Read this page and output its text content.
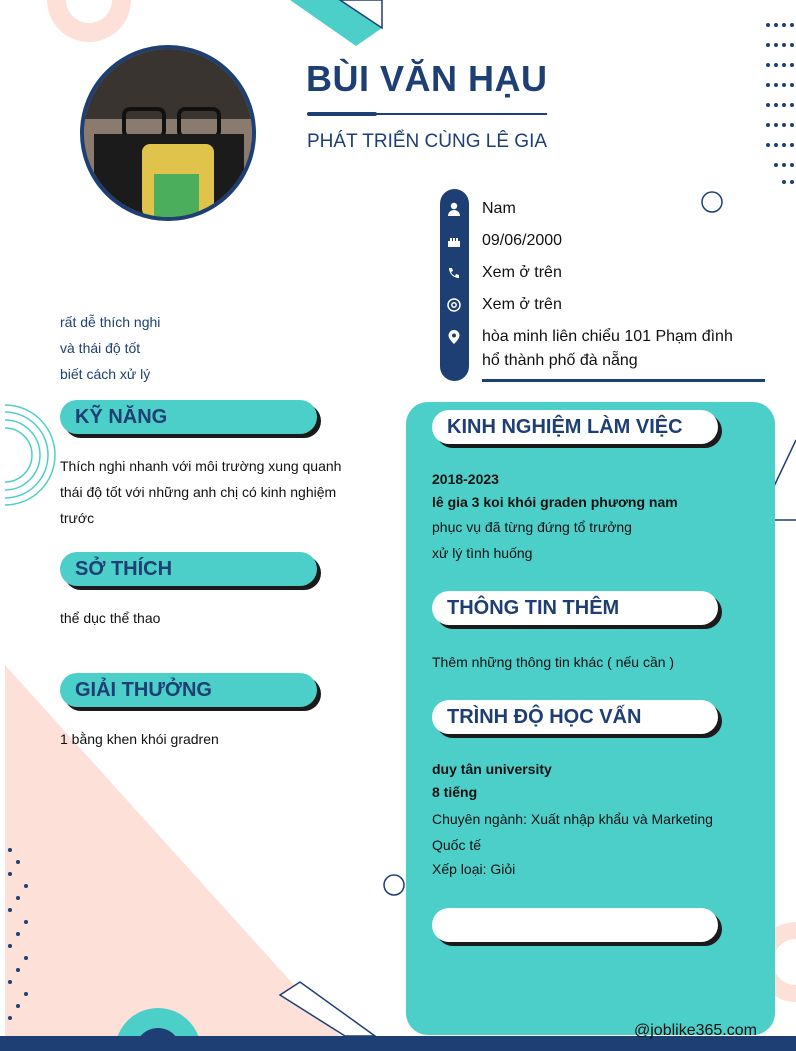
BÙI VĂN HẠU
PHÁT TRIỂN CÙNG LÊ GIA
Nam
09/06/2000
Xem ở trên
Xem ở trên
hòa minh liên chiểu 101 Phạm đình hổ thành phố đà nẵng
rất dễ thích nghi
và thái độ tốt
biết cách xử lý
KỸ NĂNG
Thích nghi nhanh với môi trường xung quanh thái độ tốt với những anh chị có kinh nghiệm trước
SỞ THÍCH
thể dục thể thao
GIẢI THƯỞNG
1 bằng khen khói gradren
KINH NGHIỆM LÀM VIỆC
2018-2023
lê gia 3 koi khói graden phương nam
phục vụ đã từng đứng tổ trưởng
xử lý tình huống
THÔNG TIN THÊM
Thêm những thông tin khác ( nếu cần )
TRÌNH ĐỘ HỌC VẤN
duy tân university
8 tiếng
Chuyên ngành: Xuất nhập khẩu và Marketing Quốc tế
Xếp loại: Giỏi
@joblike365.com
